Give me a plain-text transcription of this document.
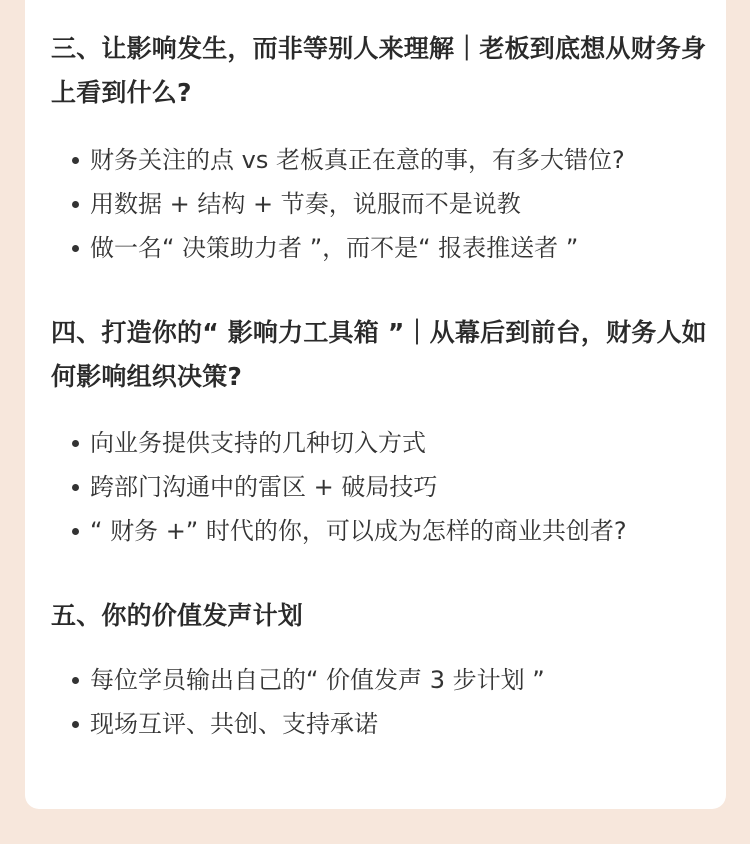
三、让影响发生，而非等别人来理解｜老板到底想从财务身上看到什么?
财务关注的点 vs 老板真正在意的事，有多大错位?
用数据 + 结构 + 节奏，说服而不是说教
做一名“ 决策助力者 ”，而不是“ 报表推送者 ”
四、打造你的“ 影响力工具箱 ”｜从幕后到前台，财务人如何影响组织决策?
向业务提供支持的几种切入方式
跨部门沟通中的雷区 + 破局技巧
“ 财务 +” 时代的你，可以成为怎样的商业共创者?
五、你的价值发声计划
每位学员输出自己的“ 价值发声 3 步计划 ”
现场互评、共创、支持承诺
